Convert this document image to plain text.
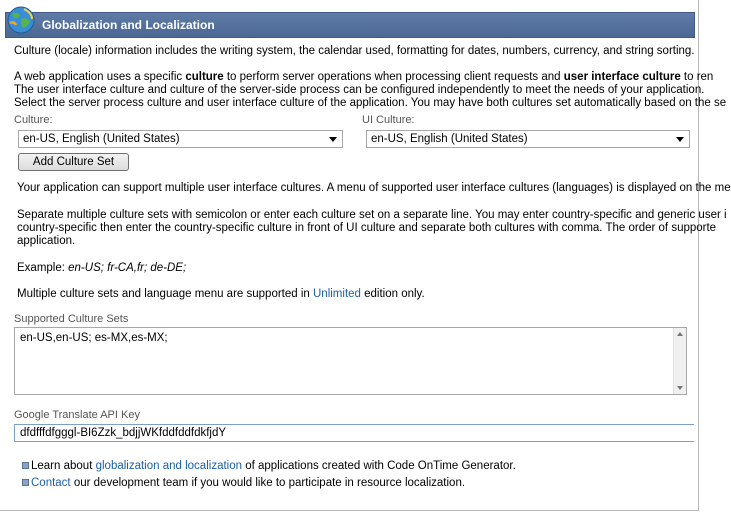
Globalization and Localization
Culture (locale) information includes the writing system, the calendar used, formatting for dates, numbers, currency, and string sorting.
A web application uses a specific culture to perform server operations when processing client requests and user interface culture to ren
The user interface culture and culture of the server-side process can be configured independently to meet the needs of your application.
Select the server process culture and user interface culture of the application. You may have both cultures set automatically based on the se
Culture:	UI Culture:
en-US, English (United States)	en-US, English (United States)
Add Culture Set
Your application can support multiple user interface cultures. A menu of supported user interface cultures (languages) is displayed on the me
Separate multiple culture sets with semicolon or enter each culture set on a separate line. You may enter country-specific and generic user i
country-specific then enter the country-specific culture in front of UI culture and separate both cultures with comma. The order of supporte
application.
Example: en-US; fr-CA,fr; de-DE;
Multiple culture sets and language menu are supported in Unlimited edition only.
Supported Culture Sets
en-US,en-US; es-MX,es-MX;
Google Translate API Key
dfdfffdfgggl-BI6Zzk_bdjjWKfddfddfdkfjdY
Learn about globalization and localization of applications created with Code OnTime Generator.
Contact our development team if you would like to participate in resource localization.
